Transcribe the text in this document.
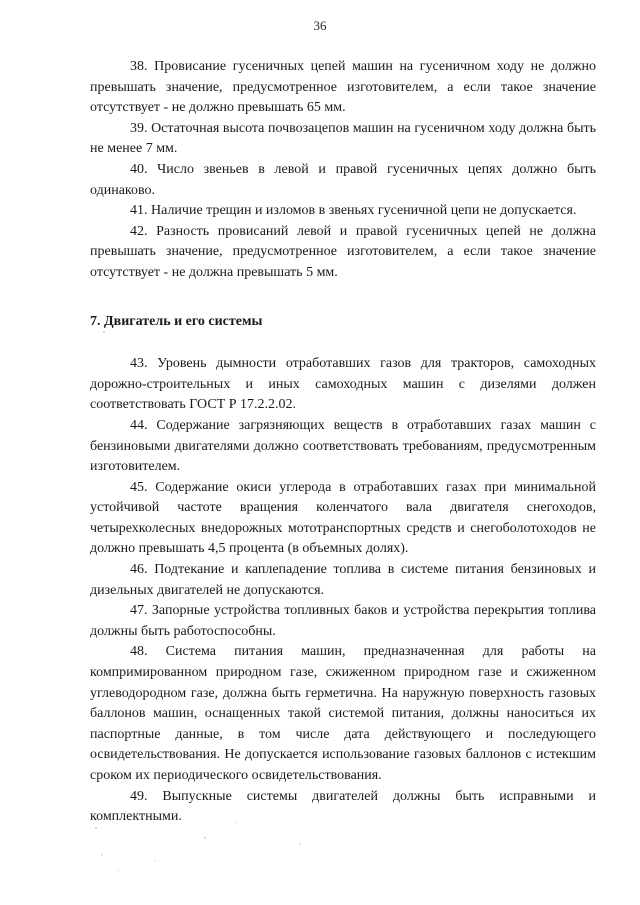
36

38. Провисание гусеничных цепей машин на гусеничном ходу не должно превышать значение, предусмотренное изготовителем, а если такое значение отсутствует - не должно превышать 65 мм.

39. Остаточная высота почвозацепов машин на гусеничном ходу должна быть не менее 7 мм.

40. Число звеньев в левой и правой гусеничных цепях должно быть одинаково.

41. Наличие трещин и изломов в звеньях гусеничной цепи не допускается.

42. Разность провисаний левой и правой гусеничных цепей не должна превышать значение, предусмотренное изготовителем, а если такое значение отсутствует - не должна превышать 5 мм.

7. Двигатель и его системы

43. Уровень дымности отработавших газов для тракторов, самоходных дорожно-строительных и иных самоходных машин с дизелями должен соответствовать ГОСТ Р 17.2.2.02.

44. Содержание загрязняющих веществ в отработавших газах машин с бензиновыми двигателями должно соответствовать требованиям, предусмотренным изготовителем.

45. Содержание окиси углерода в отработавших газах при минимальной устойчивой частоте вращения коленчатого вала двигателя снегоходов, четырехколесных внедорожных мототранспортных средств и снегоболотоходов не должно превышать 4,5 процента (в объемных долях).

46. Подтекание и каплепадение топлива в системе питания бензиновых и дизельных двигателей не допускаются.

47. Запорные устройства топливных баков и устройства перекрытия топлива должны быть работоспособны.

48. Система питания машин, предназначенная для работы на компримированном природном газе, сжиженном природном газе и сжиженном углеводородном газе, должна быть герметична. На наружную поверхность газовых баллонов машин, оснащенных такой системой питания, должны наноситься их паспортные данные, в том числе дата действующего и последующего освидетельствования. Не допускается использование газовых баллонов с истекшим сроком их периодического освидетельствования.

49. Выпускные системы двигателей должны быть исправными и комплектными.
